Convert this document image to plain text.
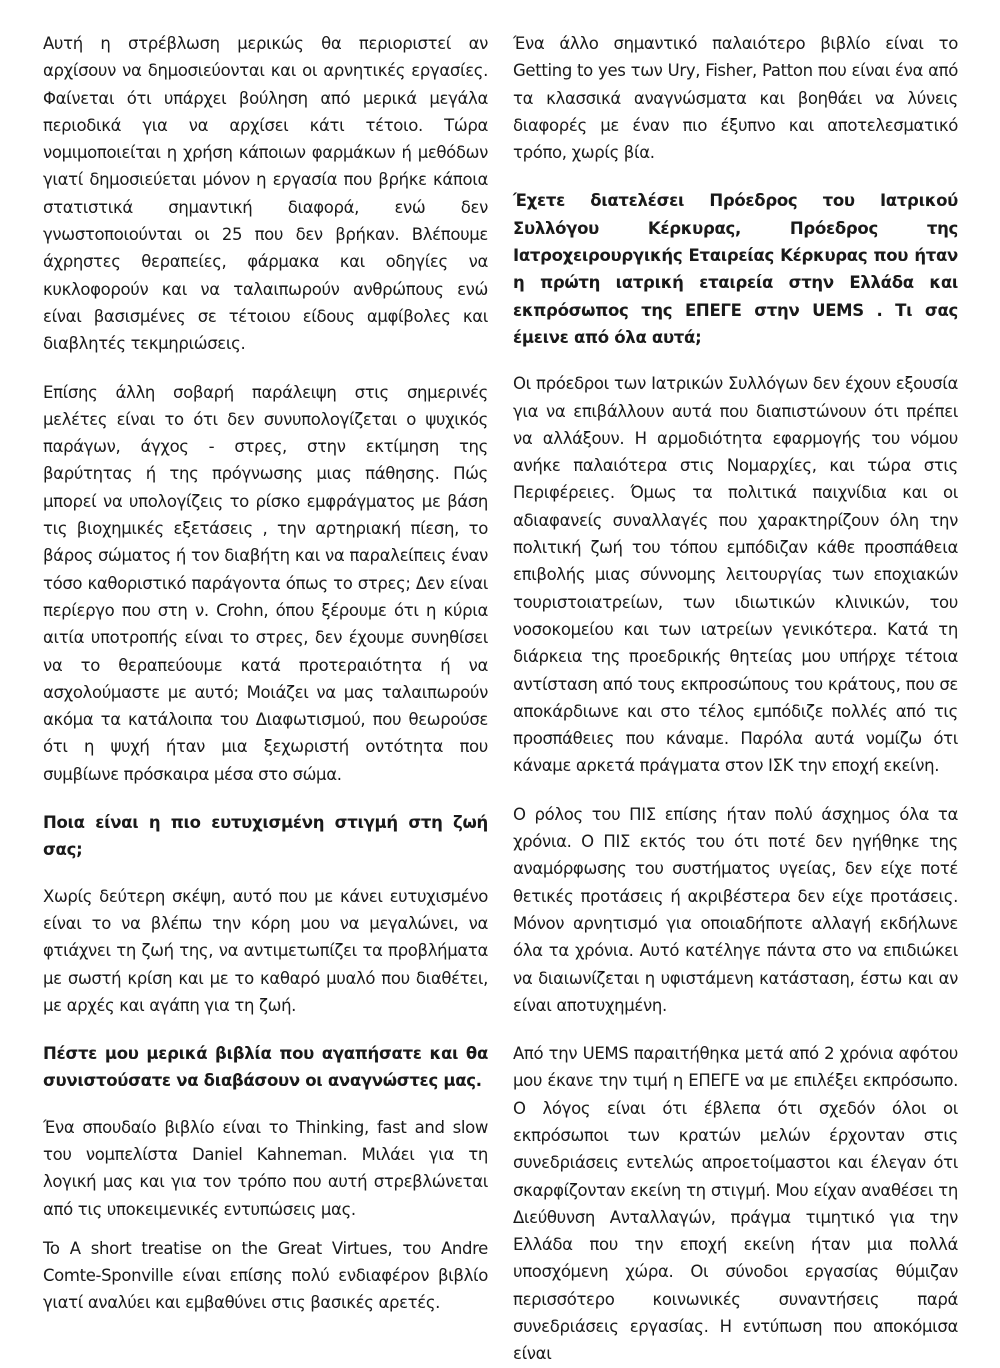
Αυτή η στρέβλωση μερικώς θα περιοριστεί αν αρχίσουν να δημοσιεύονται και οι αρνητικές εργασίες. Φαίνεται ότι υπάρχει βούληση από μερικά μεγάλα περιοδικά για να αρχίσει κάτι τέτοιο. Τώρα νομιμοποιείται η χρήση κάποιων φαρμάκων ή μεθόδων γιατί δημοσιεύεται μόνον η εργασία που βρήκε κάποια στατιστικά σημαντική διαφορά, ενώ δεν γνωστοποιούνται οι 25 που δεν βρήκαν. Βλέπουμε άχρηστες θεραπείες, φάρμακα και οδηγίες να κυκλοφορούν και να ταλαιπωρούν ανθρώπους ενώ είναι βασισμένες σε τέτοιου είδους αμφίβολες και διαβλητές τεκμηριώσεις.

Επίσης άλλη σοβαρή παράλειψη στις σημερινές μελέτες είναι το ότι δεν συνυπολογίζεται ο ψυχικός παράγων, άγχος - στρες, στην εκτίμηση της βαρύτητας ή της πρόγνωσης μιας πάθησης. Πώς μπορεί να υπολογίζεις το ρίσκο εμφράγματος με βάση τις βιοχημικές εξετάσεις , την αρτηριακή πίεση, το βάρος σώματος ή τον διαβήτη και να παραλείπεις έναν τόσο καθοριστικό παράγοντα όπως το στρες; Δεν είναι περίεργο που στη ν. Crohn, όπου ξέρουμε ότι η κύρια αιτία υποτροπής είναι το στρες, δεν έχουμε συνηθίσει να το θεραπεύουμε κατά προτεραιότητα ή να ασχολούμαστε με αυτό; Μοιάζει να μας ταλαιπωρούν ακόμα τα κατάλοιπα του Διαφωτισμού, που θεωρούσε ότι η ψυχή ήταν μια ξεχωριστή οντότητα που συμβίωνε πρόσκαιρα μέσα στο σώμα.

Ποια είναι η πιο ευτυχισμένη στιγμή στη ζωή σας;

Χωρίς δεύτερη σκέψη, αυτό που με κάνει ευτυχισμένο είναι το να βλέπω την κόρη μου να μεγαλώνει, να φτιάχνει τη ζωή της, να αντιμετωπίζει τα προβλήματα με σωστή κρίση και με το καθαρό μυαλό που διαθέτει, με αρχές και αγάπη για τη ζωή.

Πέστε μου μερικά βιβλία που αγαπήσατε και θα συνιστούσατε να διαβάσουν οι αναγνώστες μας.

Ένα σπουδαίο βιβλίο είναι το Thinking, fast and slow του νομπελίστα Daniel Kahneman. Μιλάει για τη λογική μας και για τον τρόπο που αυτή στρεβλώνεται από τις υποκειμενικές εντυπώσεις μας.

To A short treatise on the Great Virtues, του Andre Comte-Sponville είναι επίσης πολύ ενδιαφέρον βιβλίο γιατί αναλύει και εμβαθύνει στις βασικές αρετές.

Ένα άλλο σημαντικό παλαιότερο βιβλίο είναι το Getting to yes των Ury, Fisher, Patton που είναι ένα από τα κλασσικά αναγνώσματα και βοηθάει να λύνεις διαφορές με έναν πιο έξυπνο και αποτελεσματικό τρόπο, χωρίς βία.

Έχετε διατελέσει Πρόεδρος του Ιατρικού Συλλόγου Κέρκυρας, Πρόεδρος της Ιατροχειρουργικής Εταιρείας Κέρκυρας που ήταν η πρώτη ιατρική εταιρεία στην Ελλάδα και εκπρόσωπος της ΕΠΕΓΕ στην UEMS . Τι σας έμεινε από όλα αυτά;

Οι πρόεδροι των Ιατρικών Συλλόγων δεν έχουν εξουσία για να επιβάλλουν αυτά που διαπιστώνουν ότι πρέπει να αλλάξουν. Η αρμοδιότητα εφαρμογής του νόμου ανήκε παλαιότερα στις Νομαρχίες, και τώρα στις Περιφέρειες. Όμως τα πολιτικά παιχνίδια και οι αδιαφανείς συναλλαγές που χαρακτηρίζουν όλη την πολιτική ζωή του τόπου εμπόδιζαν κάθε προσπάθεια επιβολής μιας σύννομης λειτουργίας των εποχιακών τουριστοιατρείων, των ιδιωτικών κλινικών, του νοσοκομείου και των ιατρείων γενικότερα. Κατά τη διάρκεια της προεδρικής θητείας μου υπήρχε τέτοια αντίσταση από τους εκπροσώπους του κράτους, που σε αποκάρδιωνε και στο τέλος εμπόδιζε πολλές από τις προσπάθειες που κάναμε. Παρόλα αυτά νομίζω ότι κάναμε αρκετά πράγματα στον ΙΣΚ την εποχή εκείνη.

Ο ρόλος του ΠΙΣ επίσης ήταν πολύ άσχημος όλα τα χρόνια. Ο ΠΙΣ εκτός του ότι ποτέ δεν ηγήθηκε της αναμόρφωσης του συστήματος υγείας, δεν είχε ποτέ θετικές προτάσεις ή ακριβέστερα δεν είχε προτάσεις. Μόνον αρνητισμό για οποιαδήποτε αλλαγή εκδήλωνε όλα τα χρόνια. Αυτό κατέληγε πάντα στο να επιδιώκει να διαιωνίζεται η υφιστάμενη κατάσταση, έστω και αν είναι αποτυχημένη.

Από την UEMS παραιτήθηκα μετά από 2 χρόνια αφότου μου έκανε την τιμή η ΕΠΕΓΕ να με επιλέξει εκπρόσωπο. Ο λόγος είναι ότι έβλεπα ότι σχεδόν όλοι οι εκπρόσωποι των κρατών μελών έρχονταν στις συνεδριάσεις εντελώς απροετοίμαστοι και έλεγαν ότι σκαρφίζονταν εκείνη τη στιγμή. Μου είχαν αναθέσει τη Διεύθυνση Ανταλλαγών, πράγμα τιμητικό για την Ελλάδα που την εποχή εκείνη ήταν μια πολλά υποσχόμενη χώρα. Οι σύνοδοι εργασίας θύμιζαν περισσότερο κοινωνικές συναντήσεις παρά συνεδριάσεις εργασίας. Η εντύπωση που αποκόμισα είναι
